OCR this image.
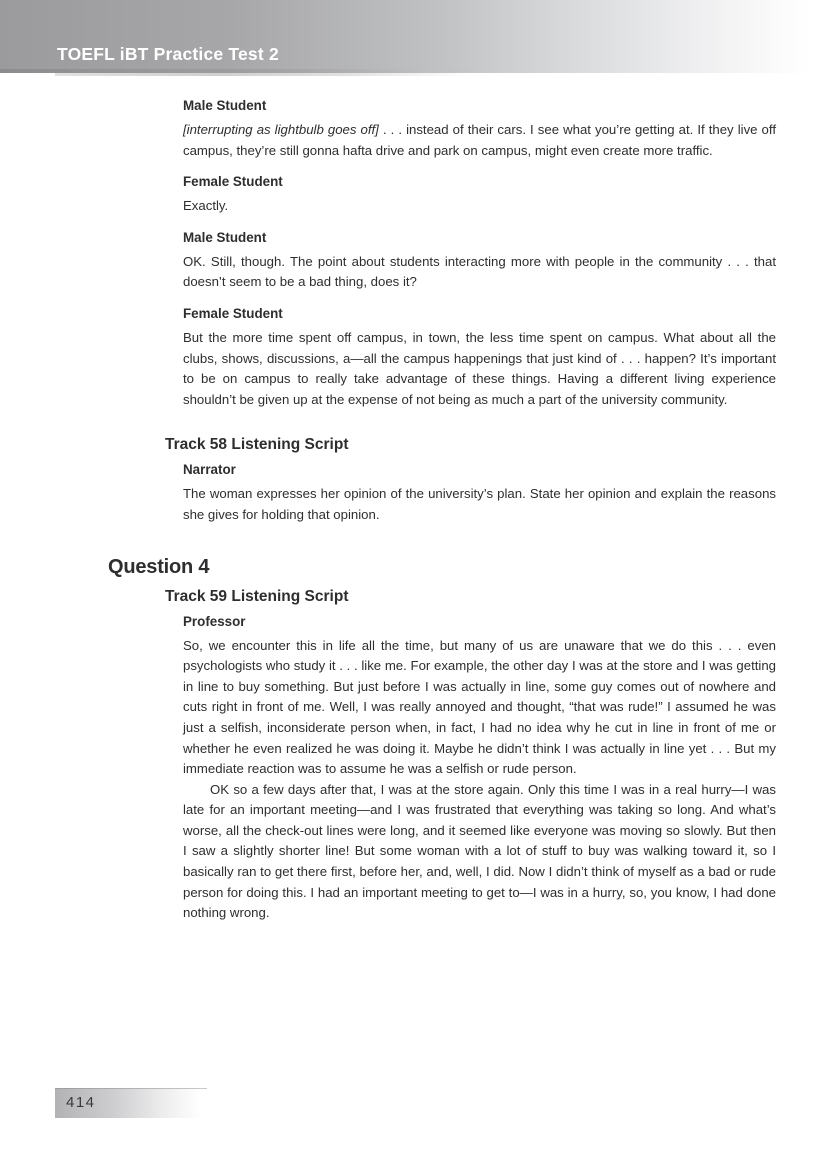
TOEFL iBT Practice Test 2
Male Student

[interrupting as lightbulb goes off] . . . instead of their cars. I see what you’re getting at. If they live off campus, they’re still gonna hafta drive and park on campus, might even create more traffic.

Female Student

Exactly.

Male Student

OK. Still, though. The point about students interacting more with people in the community . . . that doesn’t seem to be a bad thing, does it?

Female Student

But the more time spent off campus, in town, the less time spent on campus. What about all the clubs, shows, discussions, a—all the campus happenings that just kind of . . . happen? It’s important to be on campus to really take advantage of these things. Having a different living experience shouldn’t be given up at the expense of not being as much a part of the university community.

Track 58 Listening Script
Narrator

The woman expresses her opinion of the university’s plan. State her opinion and explain the reasons she gives for holding that opinion.

Question 4
Track 59 Listening Script
Professor

So, we encounter this in life all the time, but many of us are unaware that we do this . . . even psychologists who study it . . . like me. For example, the other day I was at the store and I was getting in line to buy something. But just before I was actually in line, some guy comes out of nowhere and cuts right in front of me. Well, I was really annoyed and thought, “that was rude!” I assumed he was just a selfish, inconsiderate person when, in fact, I had no idea why he cut in line in front of me or whether he even realized he was doing it. Maybe he didn’t think I was actually in line yet . . . But my immediate reaction was to assume he was a selfish or rude person.

OK so a few days after that, I was at the store again. Only this time I was in a real hurry—I was late for an important meeting—and I was frustrated that everything was taking so long. And what’s worse, all the check-out lines were long, and it seemed like everyone was moving so slowly. But then I saw a slightly shorter line! But some woman with a lot of stuff to buy was walking toward it, so I basically ran to get there first, before her, and, well, I did. Now I didn’t think of myself as a bad or rude person for doing this. I had an important meeting to get to—I was in a hurry, so, you know, I had done nothing wrong.

414
